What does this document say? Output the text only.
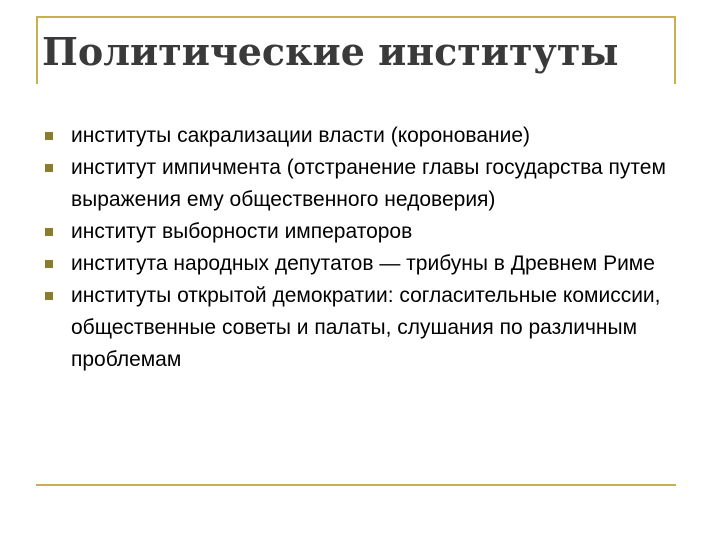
Политические институты
институты сакрализации власти (коронование)
институт импичмента (отстранение главы государства путем выражения ему общественного недоверия)
институт выборности императоров
института народных депутатов — трибуны в Древнем Риме
институты открытой демократии: согласительные комиссии, общественные советы и палаты, слушания по различным проблемам
